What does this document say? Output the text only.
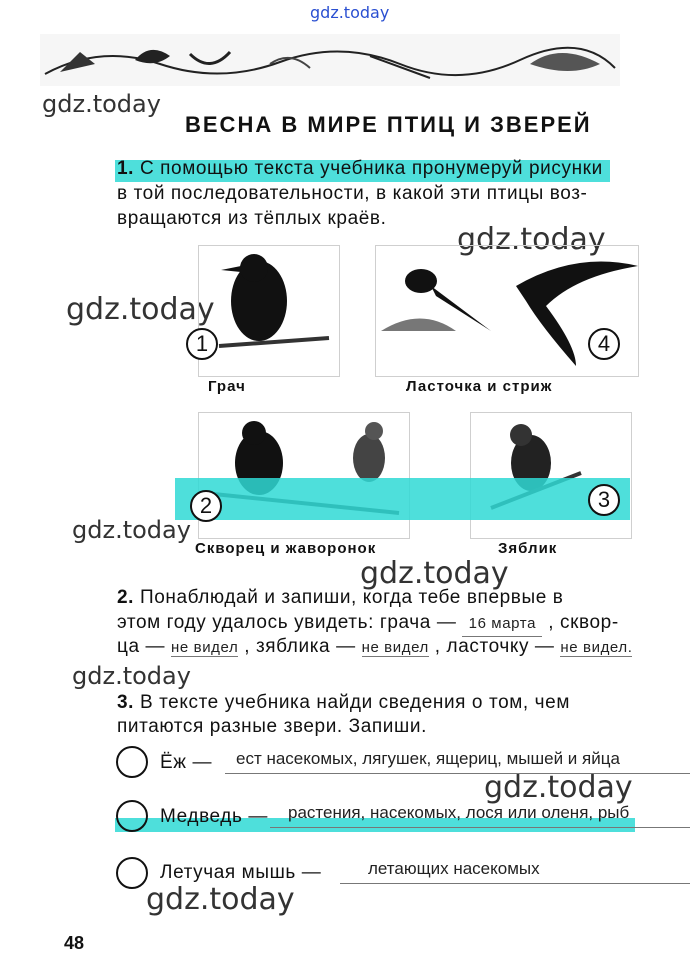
gdz.today
gdz.today
ВЕСНА В МИРЕ ПТИЦ И ЗВЕРЕЙ
1. С помощью текста учебника пронумеруй рисунки
в той последовательности, в какой эти птицы воз-
вращаются из тёплых краёв.
gdz.today
gdz.today
1	4
Грач	Ласточка и стриж
2	3
gdz.today
Скворец и жаворонок	Зяблик
gdz.today
2. Понаблюдай и запиши, когда тебе впервые в
этом году удалось увидеть: грача — 16 марта , сквор-
ца — не видел , зяблика — не видел , ласточку — не видел.
gdz.today
3. В тексте учебника найди сведения о том, чем
питаются разные звери. Запиши.
Ёж — ест насекомых, лягушек, ящериц, мышей и яйца
gdz.today
Медведь — растения, насекомых, лося или оленя, рыб
Летучая мышь —	летающих насекомых
gdz.today
48
